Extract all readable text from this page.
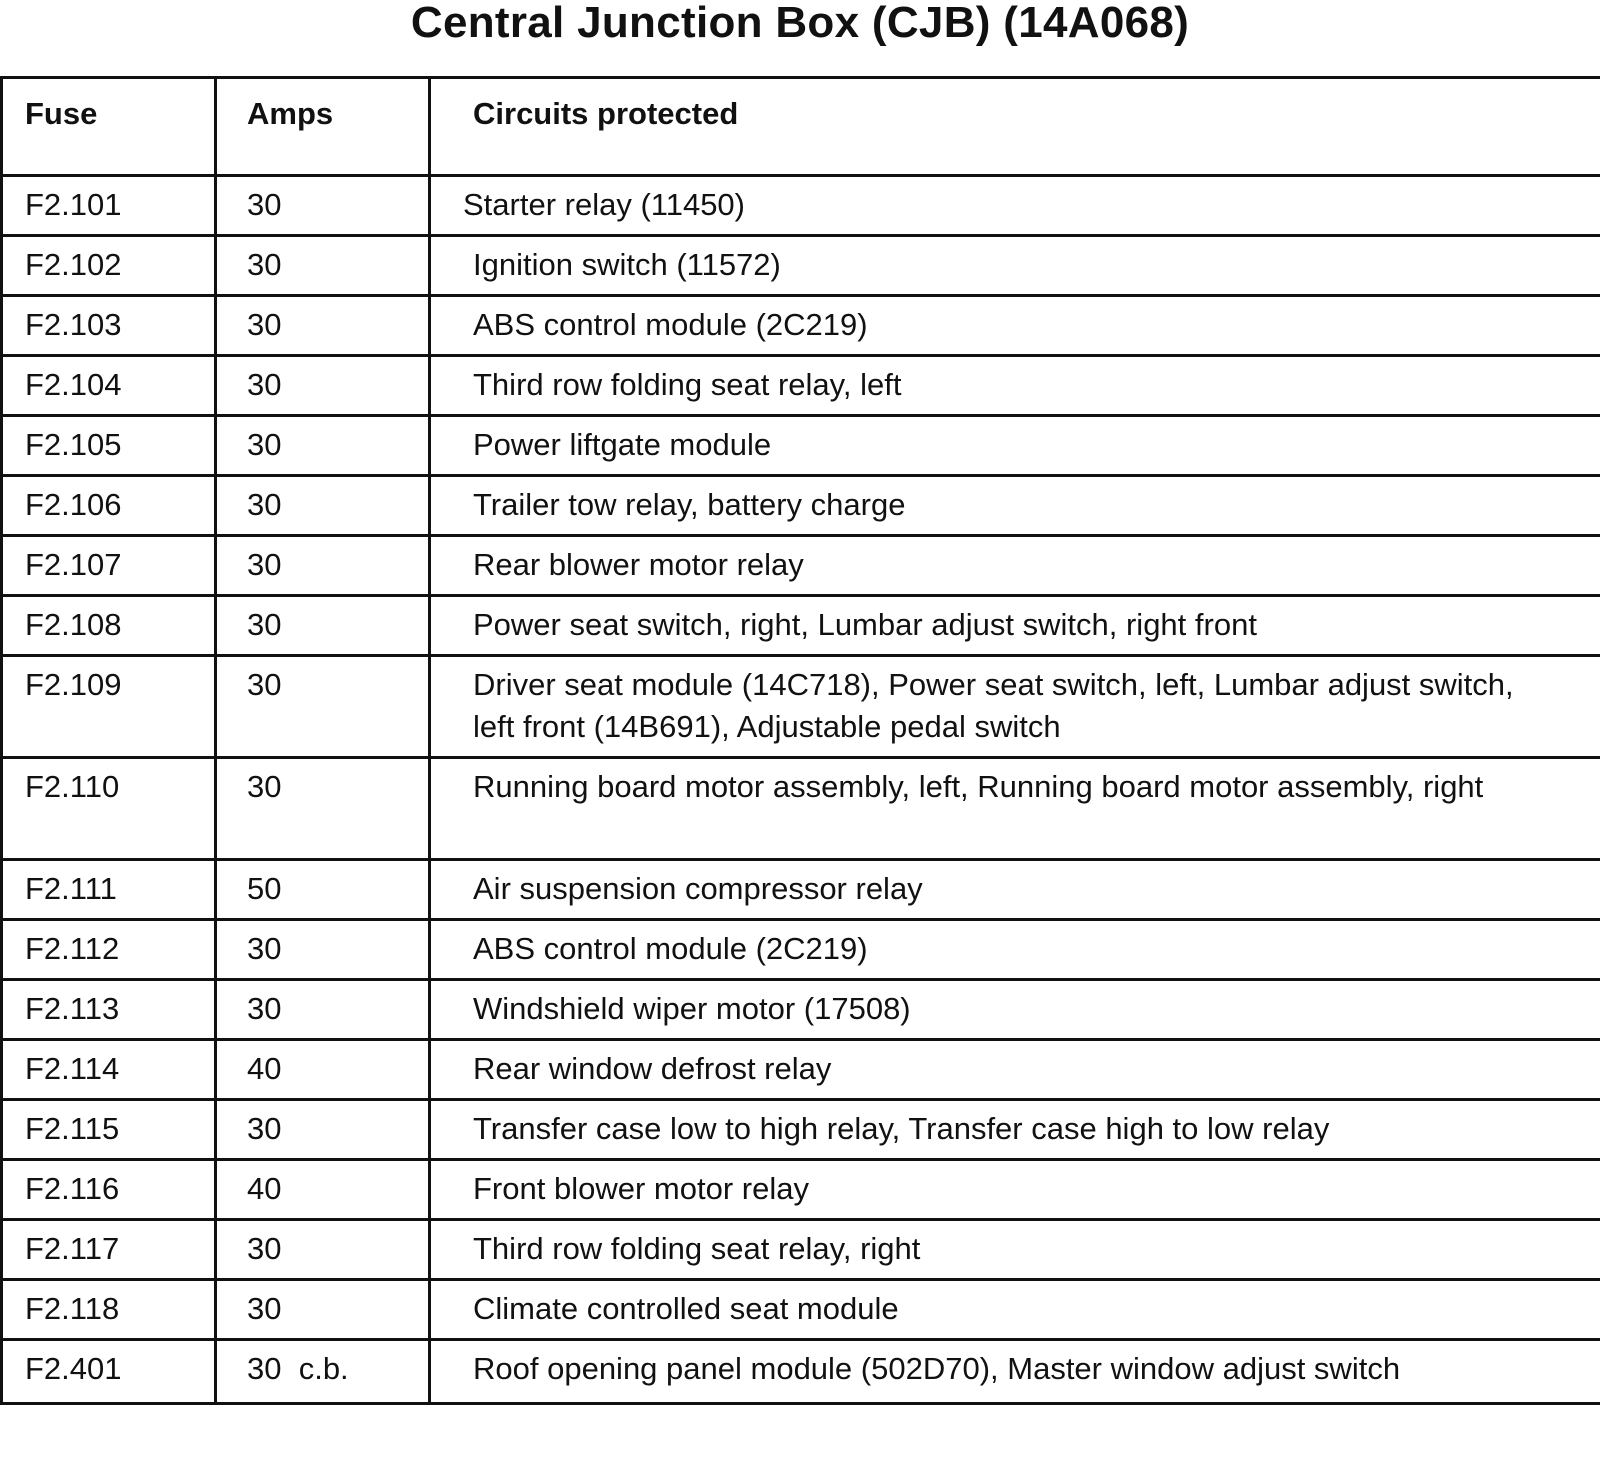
Central Junction Box (CJB) (14A068)
Fuse	Amps	Circuits protected
F2.101	30	Starter relay (11450)
F2.102	30	Ignition switch (11572)
F2.103	30	ABS control module (2C219)
F2.104	30	Third row folding seat relay, left
F2.105	30	Power liftgate module
F2.106	30	Trailer tow relay, battery charge
F2.107	30	Rear blower motor relay
F2.108	30	Power seat switch, right, Lumbar adjust switch, right front
F2.109	30	Driver seat module (14C718), Power seat switch, left, Lumbar adjust switch, left front (14B691), Adjustable pedal switch
F2.110	30	Running board motor assembly, left, Running board motor assembly, right
F2.111	50	Air suspension compressor relay
F2.112	30	ABS control module (2C219)
F2.113	30	Windshield wiper motor (17508)
F2.114	40	Rear window defrost relay
F2.115	30	Transfer case low to high relay, Transfer case high to low relay
F2.116	40	Front blower motor relay
F2.117	30	Third row folding seat relay, right
F2.118	30	Climate controlled seat module
F2.401	30  c.b.	Roof opening panel module (502D70), Master window adjust switch
